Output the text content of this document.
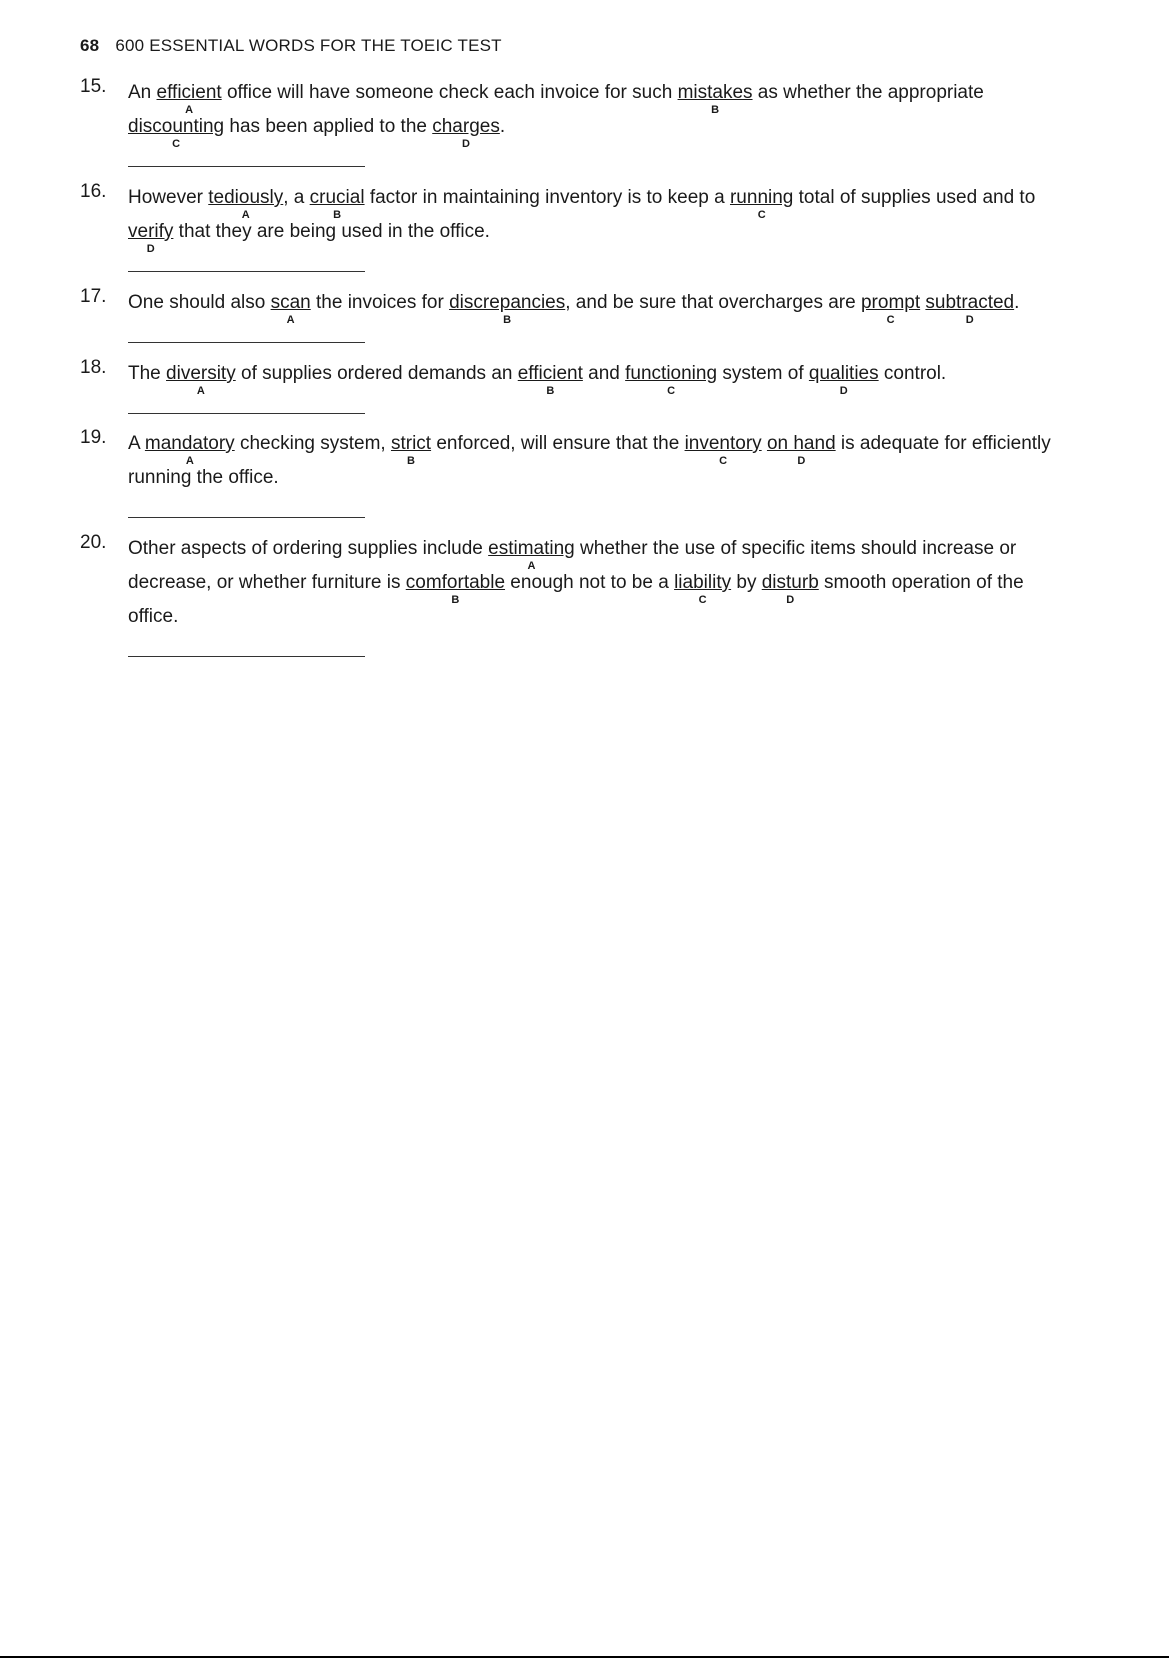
68 600 ESSENTIAL WORDS FOR THE TOEIC TEST
15. An efficient
A
office will have someone check each invoice for such mistakes
B
as whether the appropriate
discounting
C
has been applied to the charges
D
.
16. However tediously
A
, a crucial
B
factor in maintaining inventory is to keep a running
C
total of supplies used and to
verify
D
that they are being used in the office.
17. One should also scan
A
the invoices for discrepancies
B
, and be sure that overcharges are prompt
C
subtracted
D
.
18. The diversity
A
of supplies ordered demands an efficient
B
and functioning
C
system of qualities
D
control.
19. A mandatory
A
checking system, strict
B
enforced, will ensure that the inventory
C
on hand
D
is adequate for efficiently
running the office.
20. Other aspects of ordering supplies include estimating
A
whether the use of specific items should increase or
decrease, or whether furniture is comfortable
B
enough not to be a liability
C
by disturb
D
smooth operation of the
office.
